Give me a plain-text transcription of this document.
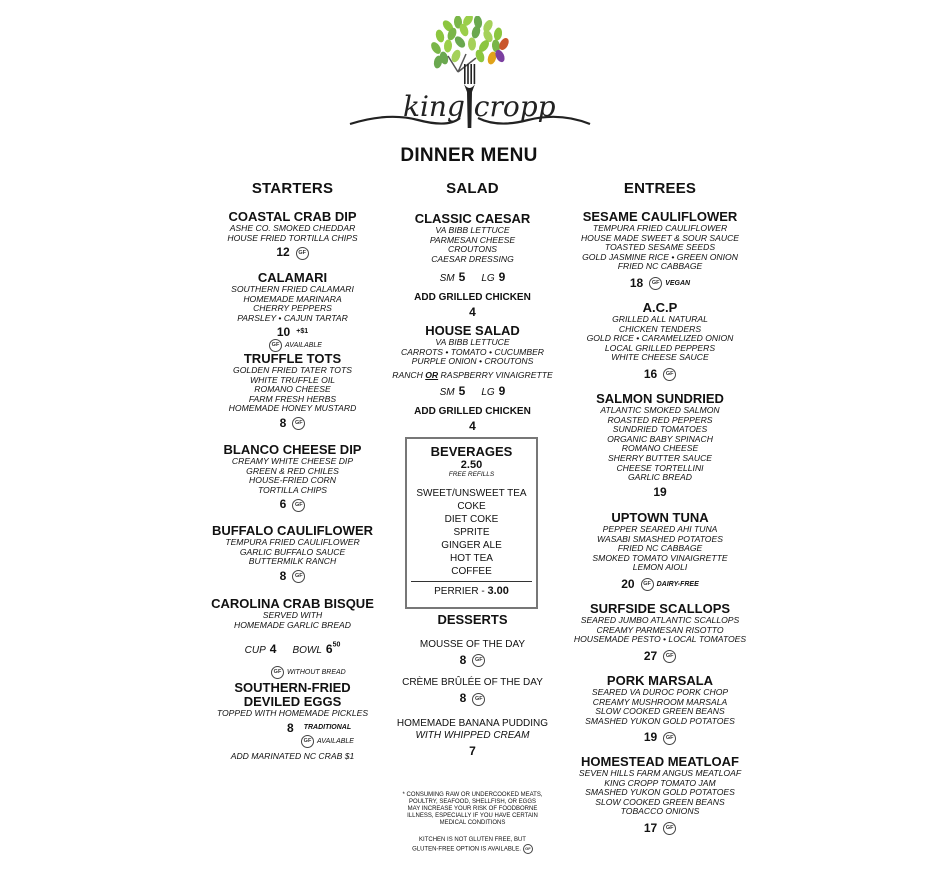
king cropp
DINNER MENU
STARTERS
COASTAL CRAB DIP
ASHE CO. SMOKED CHEDDAR
HOUSE FRIED TORTILLA CHIPS
12 GF
CALAMARI
SOUTHERN FRIED CALAMARI
HOMEMADE MARINARA
CHERRY PEPPERS
PARSLEY • CAJUN TARTAR
10 $^{+\$1}$
GF AVAILABLE
TRUFFLE TOTS
GOLDEN FRIED TATER TOTS
WHITE TRUFFLE OIL
ROMANO CHEESE
FARM FRESH HERBS
HOMEMADE HONEY MUSTARD
8 GF
BLANCO CHEESE DIP
CREAMY WHITE CHEESE DIP
GREEN & RED CHILES
HOUSE-FRIED CORN
TORTILLA CHIPS
6 GF
BUFFALO CAULIFLOWER
TEMPURA FRIED CAULIFLOWER
GARLIC BUFFALO SAUCE
BUTTERMILK RANCH
8 GF
CAROLINA CRAB BISQUE
SERVED WITH
HOMEMADE GARLIC BREAD
CUP 4 BOWL $6^{50}$
GF WITHOUT BREAD
SOUTHERN-FRIED
DEVILED EGGS
TOPPED WITH HOMEMADE PICKLES
8 TRADITIONAL
GF AVAILABLE
ADD MARINATED NC CRAB $1
SALAD
CLASSIC CAESAR
VA BIBB LETTUCE
PARMESAN CHEESE
CROUTONS
CAESAR DRESSING
SM 5 LG 9
ADD GRILLED CHICKEN
4
HOUSE SALAD
VA BIBB LETTUCE
CARROTS • TOMATO • CUCUMBER
PURPLE ONION • CROUTONS
RANCH OR RASPBERRY VINAIGRETTE
SM 5 LG 9
ADD GRILLED CHICKEN
4
BEVERAGES
2.50
FREE REFILLS
SWEET/UNSWEET TEA
COKE
DIET COKE
SPRITE
GINGER ALE
HOT TEA
COFFEE
PERRIER - 3.00
DESSERTS
MOUSSE OF THE DAY
8 GF
CRÈME BRÛLÉE OF THE DAY
8 GF
HOMEMADE BANANA PUDDING
WITH WHIPPED CREAM
7
* CONSUMING RAW OR UNDERCOOKED MEATS,
POULTRY, SEAFOOD, SHELLFISH, OR EGGS
MAY INCREASE YOUR RISK OF FOODBORNE
ILLNESS, ESPECIALLY IF YOU HAVE CERTAIN
MEDICAL CONDITIONS
KITCHEN IS NOT GLUTEN FREE, BUT
GLUTEN-FREE OPTION IS AVAILABLE. GF
ENTREES
SESAME CAULIFLOWER
TEMPURA FRIED CAULIFLOWER
HOUSE MADE SWEET & SOUR SAUCE
TOASTED SESAME SEEDS
GOLD JASMINE RICE • GREEN ONION
FRIED NC CABBAGE
18 GF VEGAN
A.C.P
GRILLED ALL NATURAL
CHICKEN TENDERS
GOLD RICE • CARAMELIZED ONION
LOCAL GRILLED PEPPERS
WHITE CHEESE SAUCE
16 GF
SALMON SUNDRIED
ATLANTIC SMOKED SALMON
ROASTED RED PEPPERS
SUNDRIED TOMATOES
ORGANIC BABY SPINACH
ROMANO CHEESE
SHERRY BUTTER SAUCE
CHEESE TORTELLINI
GARLIC BREAD
19
UPTOWN TUNA
PEPPER SEARED AHI TUNA
WASABI SMASHED POTATOES
FRIED NC CABBAGE
SMOKED TOMATO VINAIGRETTE
LEMON AIOLI
20 GF DAIRY-FREE
SURFSIDE SCALLOPS
SEARED JUMBO ATLANTIC SCALLOPS
CREAMY PARMESAN RISOTTO
HOUSEMADE PESTO • LOCAL TOMATOES
27 GF
PORK MARSALA
SEARED VA DUROC PORK CHOP
CREAMY MUSHROOM MARSALA
SLOW COOKED GREEN BEANS
SMASHED YUKON GOLD POTATOES
19 GF
HOMESTEAD MEATLOAF
SEVEN HILLS FARM ANGUS MEATLOAF
KING CROPP TOMATO JAM
SMASHED YUKON GOLD POTATOES
SLOW COOKED GREEN BEANS
TOBACCO ONIONS
17 GF
